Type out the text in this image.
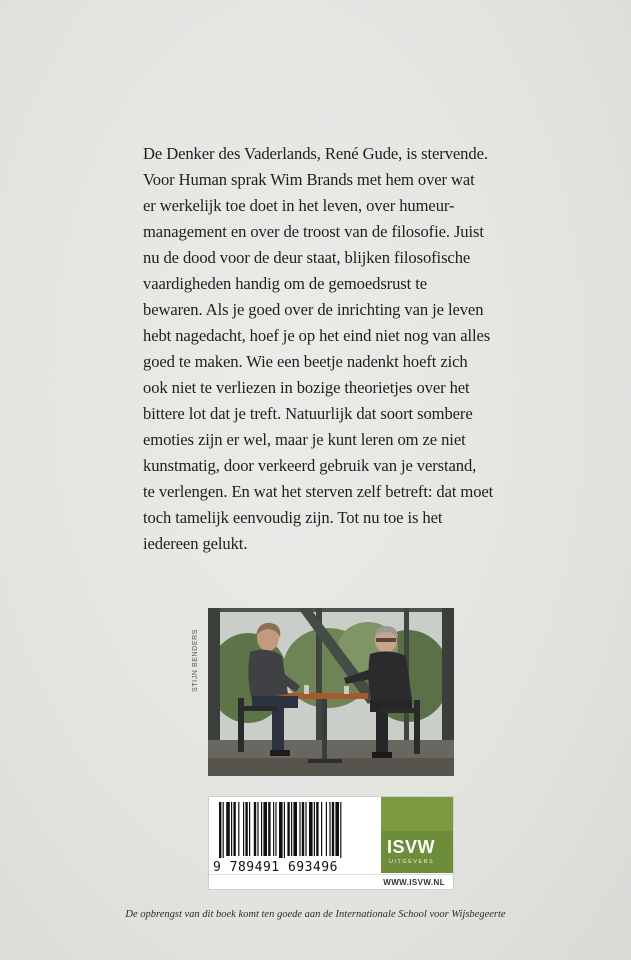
De Denker des Vaderlands, René Gude, is stervende.

Voor Human sprak Wim Brands met hem over wat

er werkelijk toe doet in het leven, over humeur-

management en over de troost van de filosofie. Juist

nu de dood voor de deur staat, blijken filosofische

vaardigheden handig om de gemoedsrust te

bewaren. Als je goed over de inrichting van je leven

hebt nagedacht, hoef je op het eind niet nog van alles

goed te maken. Wie een beetje nadenkt hoeft zich

ook niet te verliezen in bozige theorietjes over het

bittere lot dat je treft. Natuurlijk dat soort sombere

emoties zijn er wel, maar je kunt leren om ze niet

kunstmatig, door verkeerd gebruik van je verstand,

te verlengen. En wat het sterven zelf betreft: dat moet

toch tamelijk eenvoudig zijn. Tot nu toe is het

iedereen gelukt.

STIJN BENDERS
9 789491 693496
ISVW
UITGEVERS
WWW.ISVW.NL
De opbrengst van dit boek komt ten goede aan de Internationale School voor Wijsbegeerte
